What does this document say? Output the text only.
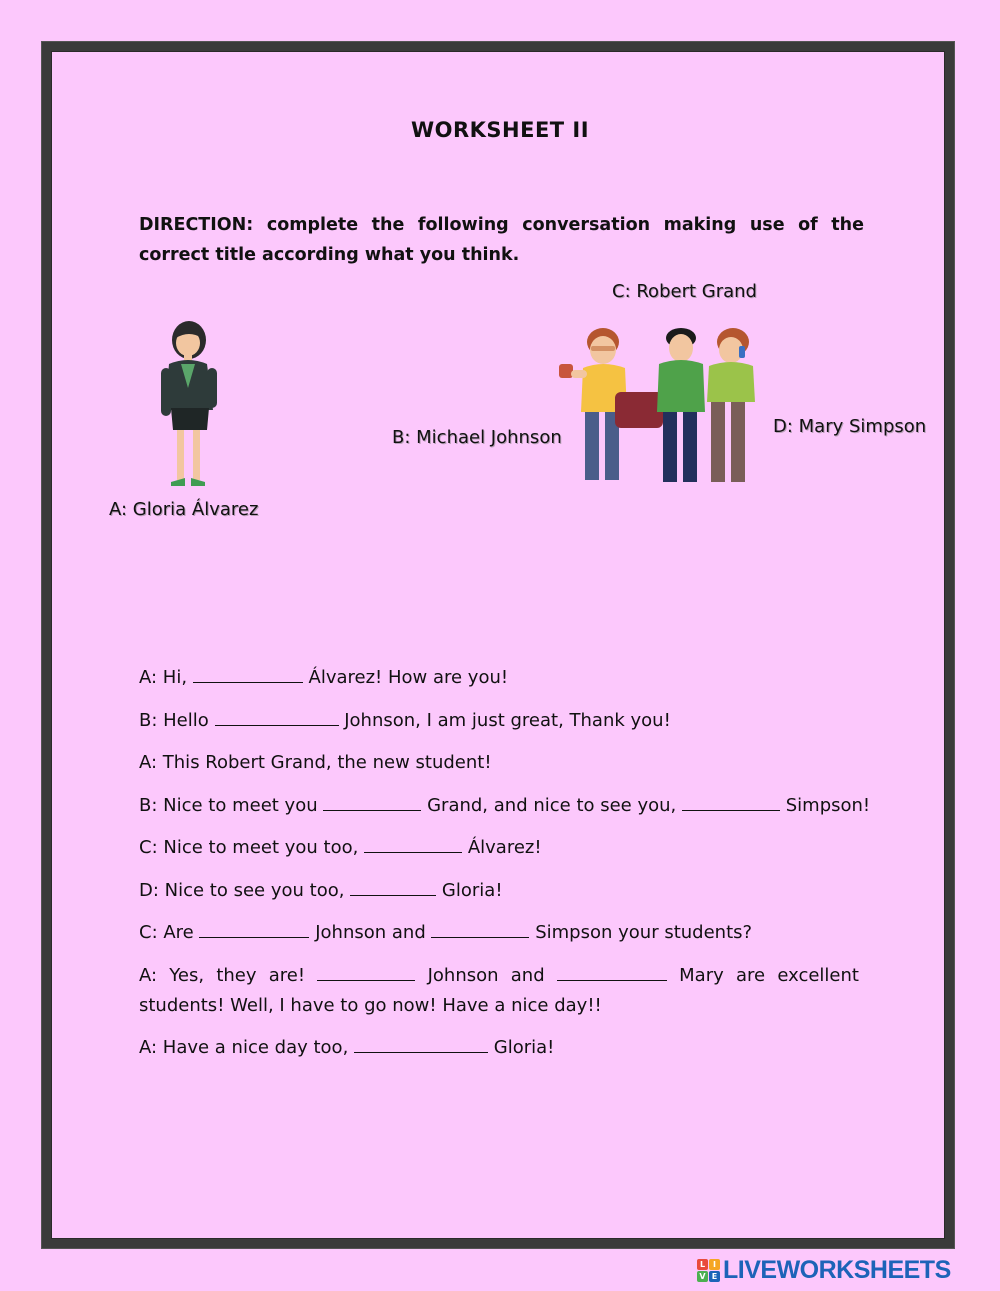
WORKSHEET II
DIRECTION: complete the following conversation making use of the correct title according what you think.
A: Gloria Álvarez
B: Michael Johnson
C: Robert Grand
D: Mary Simpson
A: Hi,	Álvarez! How are you!
B: Hello	Johnson, I am just great, Thank you!
A: This Robert Grand, the new student!
B: Nice to meet you	Grand, and nice to see you,	Simpson!
C: Nice to meet you too,	Álvarez!
D: Nice to see you too,	Gloria!
C: Are	Johnson and	Simpson your students?
A: Yes, they are!	Johnson and	Mary are excellent students! Well, I have to go now! Have a nice day!!
A: Have a nice day too,	Gloria!
L I
V E LIVEWORKSHEETS
